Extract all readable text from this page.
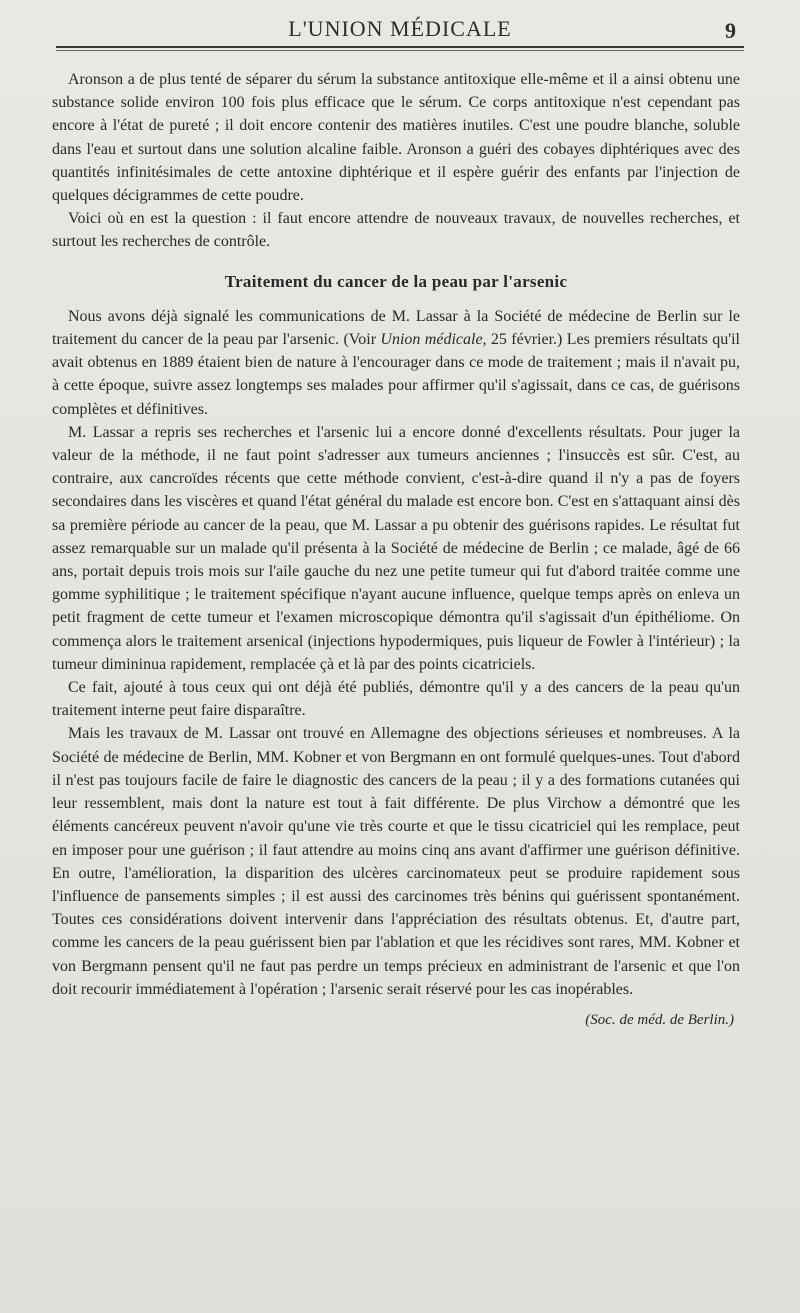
L'UNION MÉDICALE	9

Aronson a de plus tenté de séparer du sérum la substance antitoxique elle-même et il a ainsi obtenu une substance solide environ 100 fois plus efficace que le sérum. Ce corps antitoxique n'est cependant pas encore à l'état de pureté ; il doit encore contenir des matières inutiles. C'est une poudre blanche, soluble dans l'eau et surtout dans une solution alcaline faible. Aronson a guéri des cobayes diphtériques avec des quantités infinitésimales de cette antoxine diphtérique et il espère guérir des enfants par l'injection de quelques décigrammes de cette poudre.

Voici où en est la question : il faut encore attendre de nouveaux travaux, de nouvelles recherches, et surtout les recherches de contrôle.

Traitement du cancer de la peau par l'arsenic

Nous avons déjà signalé les communications de M. Lassar à la Société de médecine de Berlin sur le traitement du cancer de la peau par l'arsenic. (Voir Union médicale, 25 février.) Les premiers résultats qu'il avait obtenus en 1889 étaient bien de nature à l'encourager dans ce mode de traitement ; mais il n'avait pu, à cette époque, suivre assez longtemps ses malades pour affirmer qu'il s'agissait, dans ce cas, de guérisons complètes et définitives.

M. Lassar a repris ses recherches et l'arsenic lui a encore donné d'excellents résultats. Pour juger la valeur de la méthode, il ne faut point s'adresser aux tumeurs anciennes ; l'insuccès est sûr. C'est, au contraire, aux cancroïdes récents que cette méthode convient, c'est-à-dire quand il n'y a pas de foyers secondaires dans les viscères et quand l'état général du malade est encore bon. C'est en s'attaquant ainsi dès sa première période au cancer de la peau, que M. Lassar a pu obtenir des guérisons rapides. Le résultat fut assez remarquable sur un malade qu'il présenta à la Société de médecine de Berlin ; ce malade, âgé de 66 ans, portait depuis trois mois sur l'aile gauche du nez une petite tumeur qui fut d'abord traitée comme une gomme syphilitique ; le traitement spécifique n'ayant aucune influence, quelque temps après on enleva un petit fragment de cette tumeur et l'examen microscopique démontra qu'il s'agissait d'un épithéliome. On commença alors le traitement arsenical (injections hypodermiques, puis liqueur de Fowler à l'intérieur) ; la tumeur dimininua rapidement, remplacée çà et là par des points cicatriciels.

Ce fait, ajouté à tous ceux qui ont déjà été publiés, démontre qu'il y a des cancers de la peau qu'un traitement interne peut faire disparaître.

Mais les travaux de M. Lassar ont trouvé en Allemagne des objections sérieuses et nombreuses. A la Société de médecine de Berlin, MM. Kobner et von Bergmann en ont formulé quelques-unes. Tout d'abord il n'est pas toujours facile de faire le diagnostic des cancers de la peau ; il y a des formations cutanées qui leur ressemblent, mais dont la nature est tout à fait différente. De plus Virchow a démontré que les éléments cancéreux peuvent n'avoir qu'une vie très courte et que le tissu cicatriciel qui les remplace, peut en imposer pour une guérison ; il faut attendre au moins cinq ans avant d'affirmer une guérison définitive. En outre, l'amélioration, la disparition des ulcères carcinomateux peut se produire rapidement sous l'influence de pansements simples ; il est aussi des carcinomes très bénins qui guérissent spontanément. Toutes ces considérations doivent intervenir dans l'appréciation des résultats obtenus. Et, d'autre part, comme les cancers de la peau guérissent bien par l'ablation et que les récidives sont rares, MM. Kobner et von Bergmann pensent qu'il ne faut pas perdre un temps précieux en administrant de l'arsenic et que l'on doit recourir immédiatement à l'opération ; l'arsenic serait réservé pour les cas inopérables.

(Soc. de méd. de Berlin.)
